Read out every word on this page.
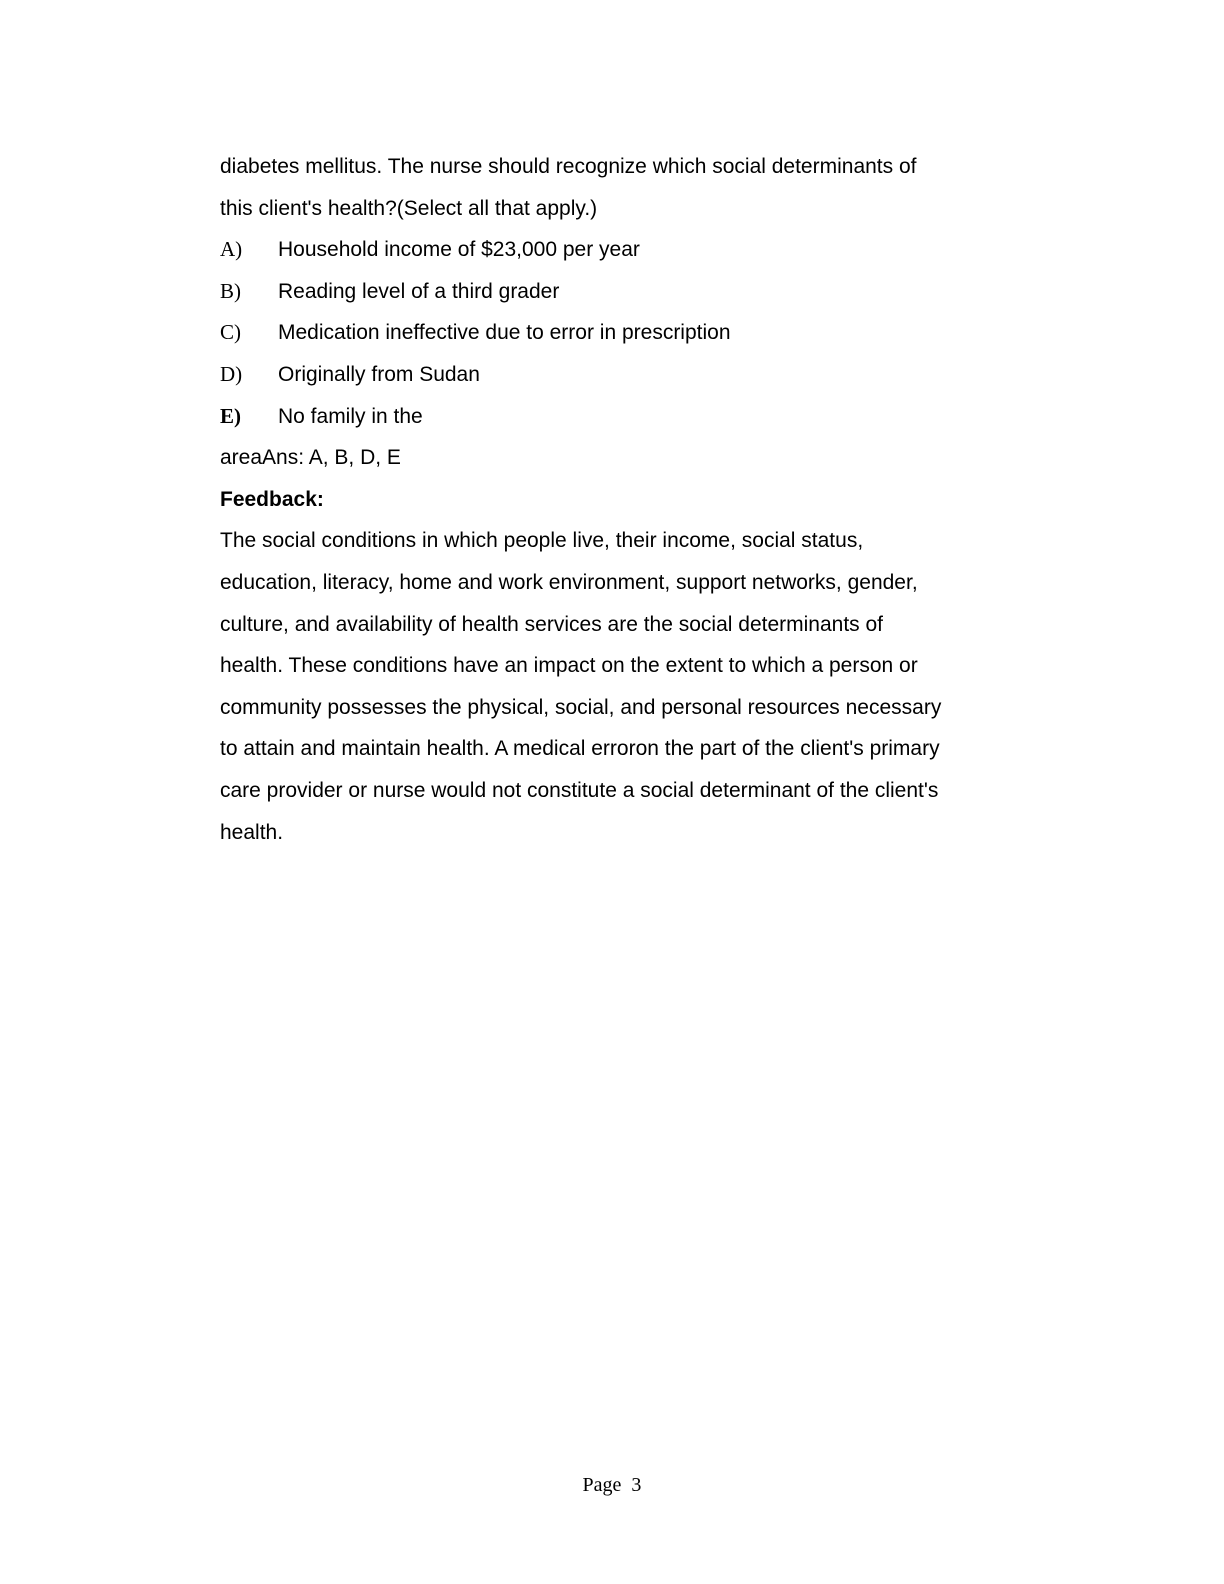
diabetes mellitus. The nurse should recognize which social determinants of
this client's health?(Select all that apply.)
A) Household income of $23,000 per year
B) Reading level of a third grader
C) Medication ineffective due to error in prescription
D) Originally from Sudan
E) No family in the
areaAns: A, B, D, E
Feedback:
The social conditions in which people live, their income, social status,
education, literacy, home and work environment, support networks, gender,
culture, and availability of health services are the social determinants of
health. These conditions have an impact on the extent to which a person or
community possesses the physical, social, and personal resources necessary
to attain and maintain health. A medical erroron the part of the client's primary
care provider or nurse would not constitute a social determinant of the client's
health.
Page  3
